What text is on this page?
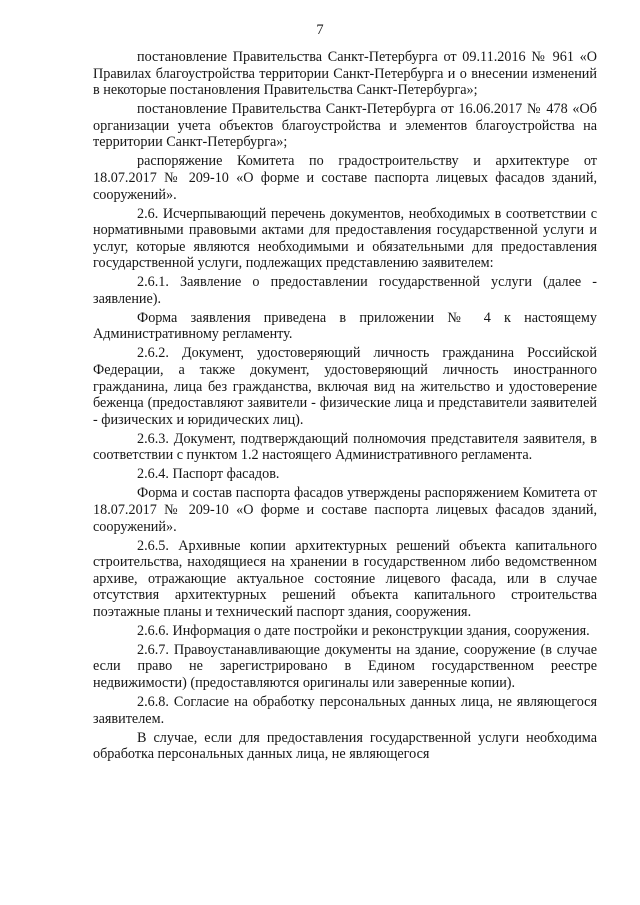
7

постановление Правительства Санкт-Петербурга от 09.11.2016 № 961 «О Правилах благоустройства территории Санкт-Петербурга и о внесении изменений в некоторые постановления Правительства Санкт-Петербурга»;

постановление Правительства Санкт-Петербурга от 16.06.2017 № 478 «Об организации учета объектов благоустройства и элементов благоустройства на территории Санкт-Петербурга»;

распоряжение Комитета по градостроительству и архитектуре от 18.07.2017 № 209-10 «О форме и составе паспорта лицевых фасадов зданий, сооружений».

2.6. Исчерпывающий перечень документов, необходимых в соответствии с нормативными правовыми актами для предоставления государственной услуги и услуг, которые являются необходимыми и обязательными для предоставления государственной услуги, подлежащих представлению заявителем:

2.6.1. Заявление о предоставлении государственной услуги (далее - заявление).

Форма заявления приведена в приложении № 4 к настоящему Административному регламенту.

2.6.2. Документ, удостоверяющий личность гражданина Российской Федерации, а также документ, удостоверяющий личность иностранного гражданина, лица без гражданства, включая вид на жительство и удостоверение беженца (предоставляют заявители - физические лица и представители заявителей - физических и юридических лиц).

2.6.3. Документ, подтверждающий полномочия представителя заявителя, в соответствии с пунктом 1.2 настоящего Административного регламента.

2.6.4. Паспорт фасадов.

Форма и состав паспорта фасадов утверждены распоряжением Комитета от 18.07.2017 № 209-10 «О форме и составе паспорта лицевых фасадов зданий, сооружений».

2.6.5. Архивные копии архитектурных решений объекта капитального строительства, находящиеся на хранении в государственном либо ведомственном архиве, отражающие актуальное состояние лицевого фасада, или в случае отсутствия архитектурных решений объекта капитального строительства поэтажные планы и технический паспорт здания, сооружения.

2.6.6. Информация о дате постройки и реконструкции здания, сооружения.

2.6.7. Правоустанавливающие документы на здание, сооружение (в случае если право не зарегистрировано в Едином государственном реестре недвижимости) (предоставляются оригиналы или заверенные копии).

2.6.8. Согласие на обработку персональных данных лица, не являющегося заявителем.

В случае, если для предоставления государственной услуги необходима обработка персональных данных лица, не являющегося
